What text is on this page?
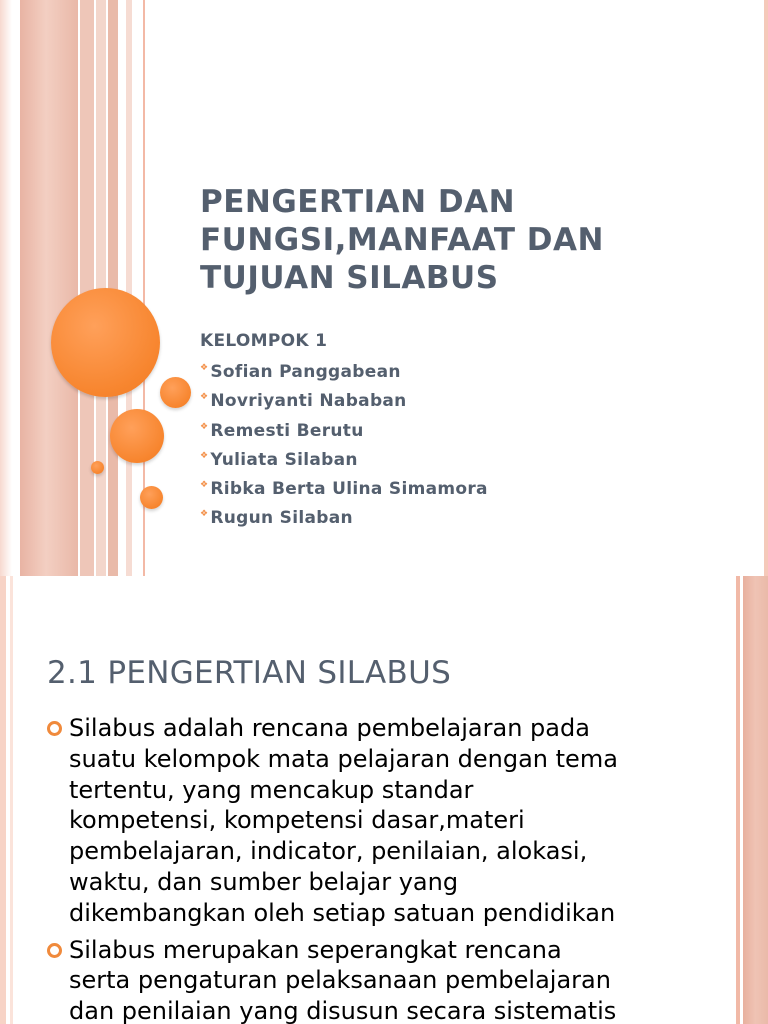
PENGERTIAN DAN
FUNGSI,MANFAAT DAN
TUJUAN SILABUS
KELOMPOK 1
❖ Sofian Panggabean
❖ Novriyanti Nababan
❖ Remesti Berutu
❖ Yuliata Silaban
❖ Ribka Berta Ulina Simamora
❖ Rugun Silaban
2.1 PENGERTIAN SILABUS
Silabus adalah rencana pembelajaran pada
suatu kelompok mata pelajaran dengan tema
tertentu, yang mencakup standar
kompetensi, kompetensi dasar,materi
pembelajaran, indicator, penilaian, alokasi,
waktu, dan sumber belajar yang
dikembangkan oleh setiap satuan pendidikan
Silabus merupakan seperangkat rencana
serta pengaturan pelaksanaan pembelajaran
dan penilaian yang disusun secara sistematis
